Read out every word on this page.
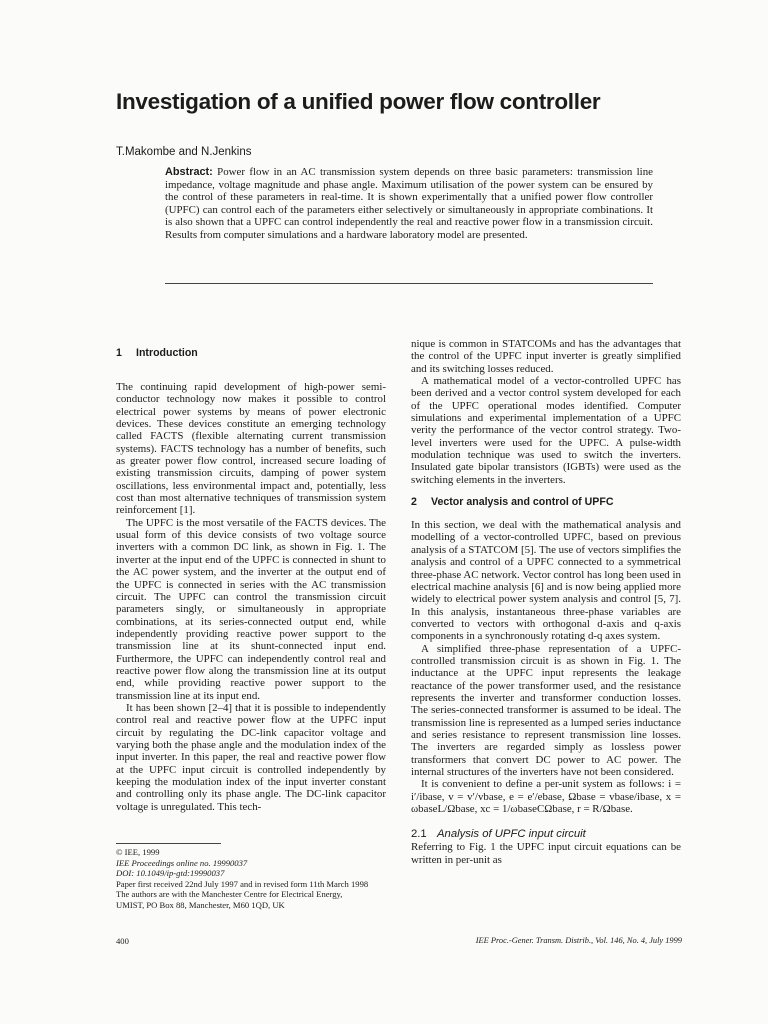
Investigation of a unified power flow controller
T.Makombe and N.Jenkins
Abstract: Power flow in an AC transmission system depends on three basic parameters: transmission line impedance, voltage magnitude and phase angle. Maximum utilisation of the power system can be ensured by the control of these parameters in real-time. It is shown experimentally that a unified power flow controller (UPFC) can control each of the parameters either selectively or simultaneously in appropriate combinations. It is also shown that a UPFC can control independently the real and reactive power flow in a transmission circuit. Results from computer simulations and a hardware laboratory model are presented.
1 Introduction

The continuing rapid development of high-power semi-conductor technology now makes it possible to control electrical power systems by means of power electronic devices. These devices constitute an emerging technology called FACTS (flexible alternating current transmission systems). FACTS technology has a number of benefits, such as greater power flow control, increased secure loading of existing transmission circuits, damping of power system oscillations, less environmental impact and, potentially, less cost than most alternative techniques of transmission system reinforcement [1].

The UPFC is the most versatile of the FACTS devices. The usual form of this device consists of two voltage source inverters with a common DC link, as shown in Fig. 1. The inverter at the input end of the UPFC is connected in shunt to the AC power system, and the inverter at the output end of the UPFC is connected in series with the AC transmission circuit. The UPFC can control the transmission circuit parameters singly, or simultaneously in appropriate combinations, at its series-connected output end, while independently providing reactive power support to the transmission line at its shunt-connected input end. Furthermore, the UPFC can independently control real and reactive power flow along the transmission line at its output end, while providing reactive power support to the transmission line at its input end.

It has been shown [2–4] that it is possible to independently control real and reactive power flow at the UPFC input circuit by regulating the DC-link capacitor voltage and varying both the phase angle and the modulation index of the input inverter. In this paper, the real and reactive power flow at the UPFC input circuit is controlled independently by keeping the modulation index of the input inverter constant and controlling only its phase angle. The DC-link capacitor voltage is unregulated. This tech-

nique is common in STATCOMs and has the advantages that the control of the UPFC input inverter is greatly simplified and its switching losses reduced.

A mathematical model of a vector-controlled UPFC has been derived and a vector control system developed for each of the UPFC operational modes identified. Computer simulations and experimental implementation of a UPFC verity the performance of the vector control strategy. Two-level inverters were used for the UPFC. A pulse-width modulation technique was used to switch the inverters. Insulated gate bipolar transistors (IGBTs) were used as the switching elements in the inverters.

2 Vector analysis and control of UPFC

In this section, we deal with the mathematical analysis and modelling of a vector-controlled UPFC, based on previous analysis of a STATCOM [5]. The use of vectors simplifies the analysis and control of a UPFC connected to a symmetrical three-phase AC network. Vector control has long been used in electrical machine analysis [6] and is now being applied more widely to electrical power system analysis and control [5, 7]. In this analysis, instantaneous three-phase variables are converted to vectors with orthogonal d-axis and q-axis components in a synchronously rotating d-q axes system.

A simplified three-phase representation of a UPFC-controlled transmission circuit is as shown in Fig. 1. The inductance at the UPFC input represents the leakage reactance of the power transformer used, and the resistance represents the inverter and transformer conduction losses. The series-connected transformer is assumed to be ideal. The transmission line is represented as a lumped series inductance and series resistance to represent transmission line losses. The inverters are regarded simply as lossless power transformers that convert DC power to AC power. The internal structures of the inverters have not been considered.

It is convenient to define a per-unit system as follows: i = i′/ibase, v = v′/vbase, e = e′/ebase, Ωbase = vbase/ibase, x = ωbaseL/Ωbase, xc = 1/ωbaseCΩbase, r = R/Ωbase.

2.1 Analysis of UPFC input circuit

Referring to Fig. 1 the UPFC input circuit equations can be written in per-unit as

© IEE, 1999
IEE Proceedings online no. 19990037
DOI: 10.1049/ip-gtd:19990037
Paper first received 22nd July 1997 and in revised form 11th March 1998
The authors are with the Manchester Centre for Electrical Energy,
UMIST, PO Box 88, Manchester, M60 1QD, UK
400	IEE Proc.-Gener. Transm. Distrib., Vol. 146, No. 4, July 1999
